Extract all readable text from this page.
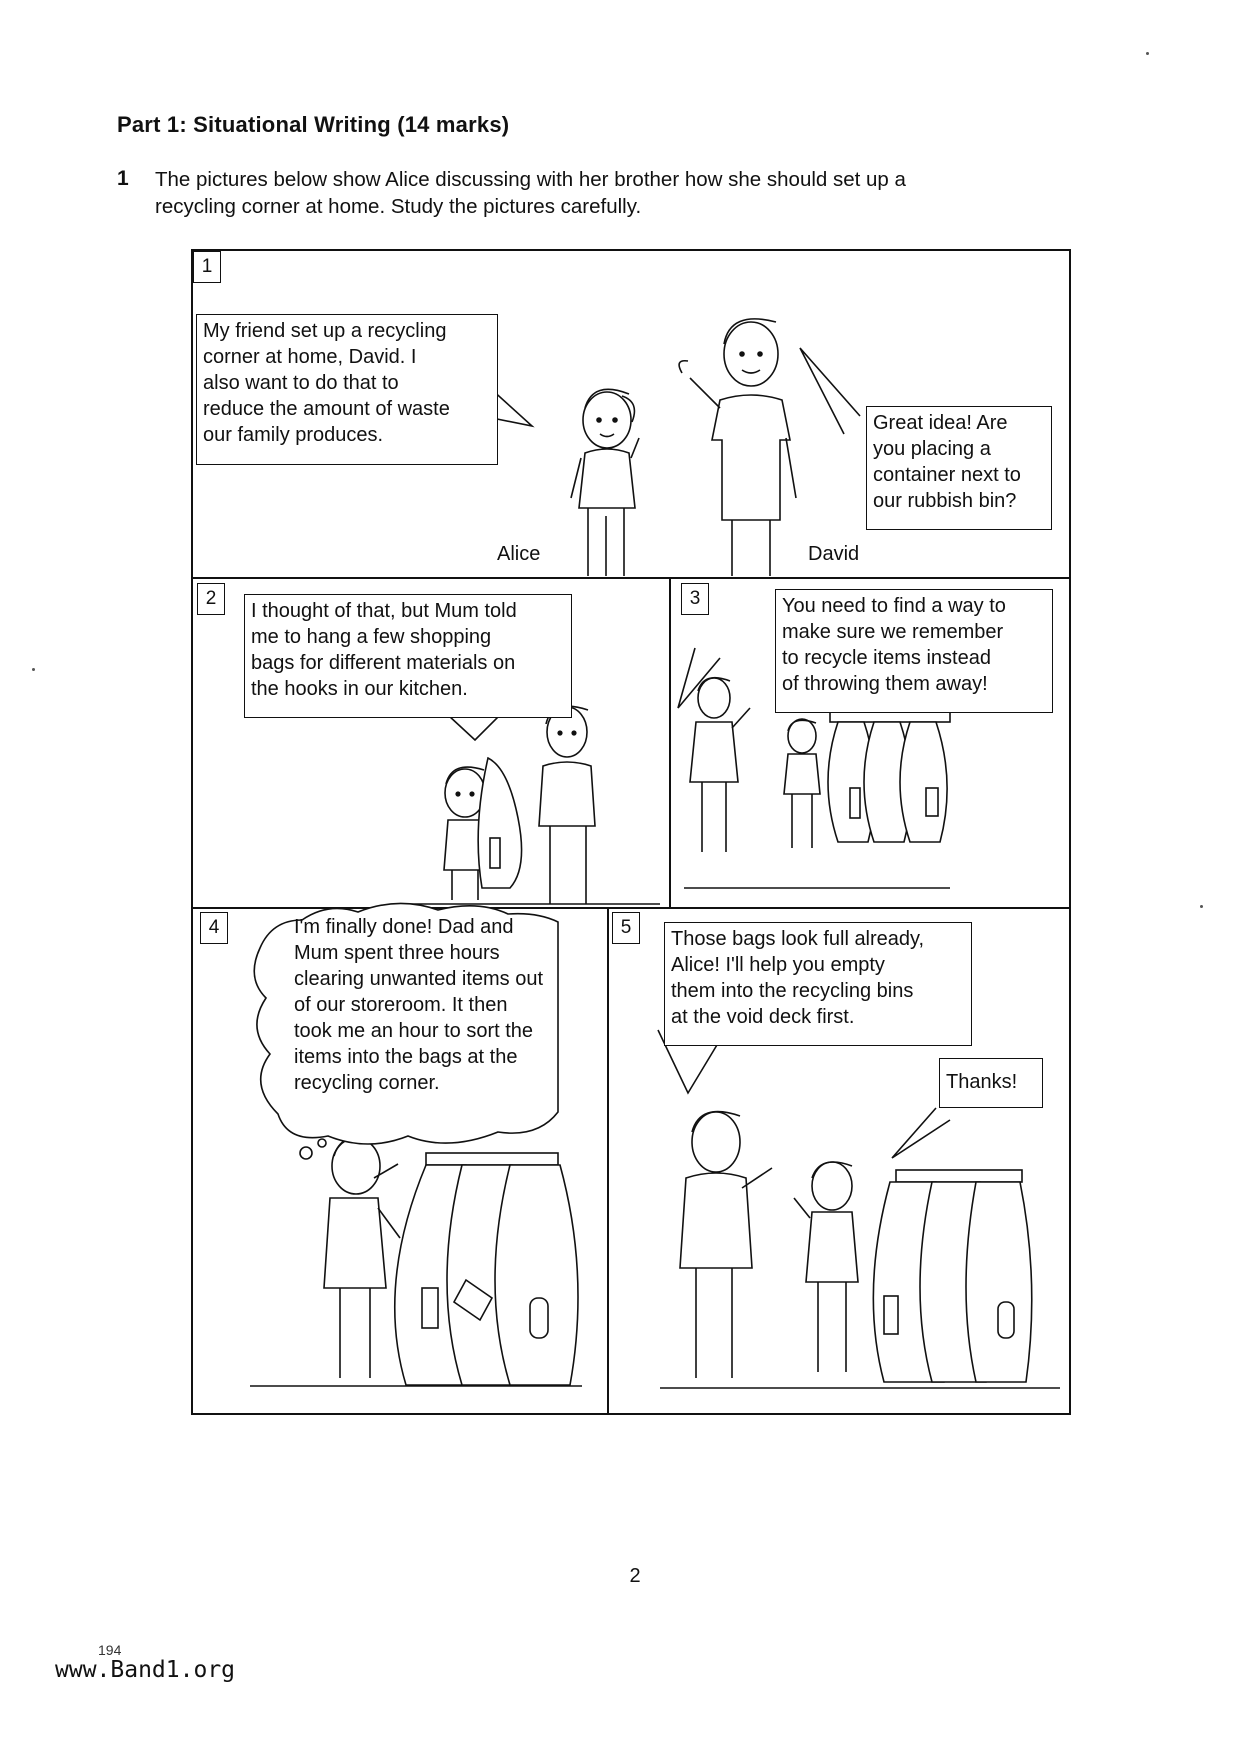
Part 1: Situational Writing (14 marks)
1 The pictures below show Alice discussing with her brother how she should set up a
recycling corner at home. Study the pictures carefully.
1
2	3
4	5
My friend set up a recycling
corner at home, David. I
also want to do that to
reduce the amount of waste
our family produces.
Great idea! Are
you placing a
container next to
our rubbish bin?
Alice	David
I thought of that, but Mum told
me to hang a few shopping
bags for different materials on
the hooks in our kitchen.
You need to find a way to
make sure we remember
to recycle items instead
of throwing them away!
I'm finally done! Dad and
Mum spent three hours
clearing unwanted items out
of our storeroom. It then
took me an hour to sort the
items into the bags at the
recycling corner.
Those bags look full already,
Alice! I'll help you empty
them into the recycling bins
at the void deck first.
Thanks!
2
194
www.Band1.org
